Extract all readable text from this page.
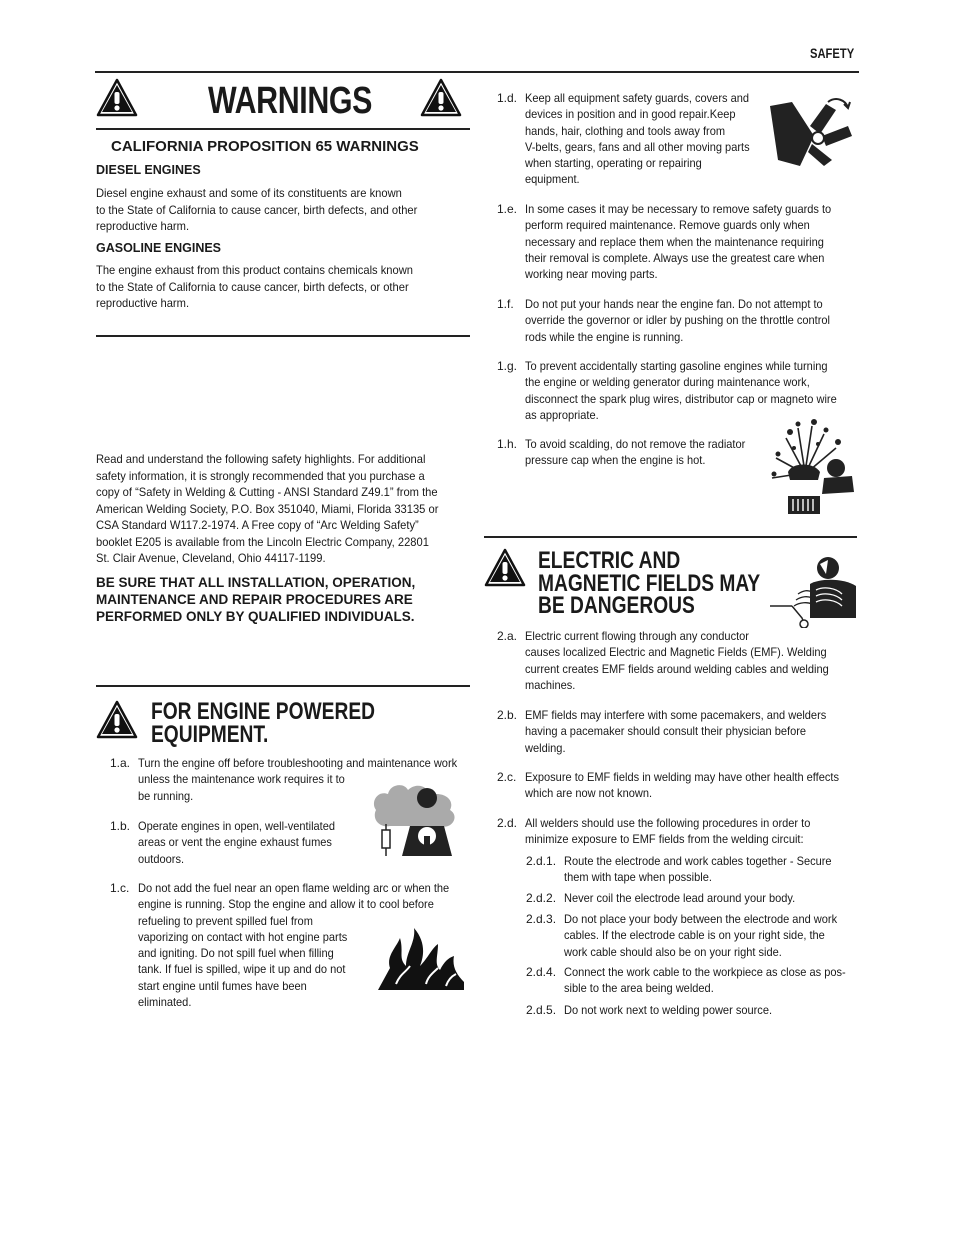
SAFETY
WARNINGS
CALIFORNIA PROPOSITION 65 WARNINGS
DIESEL ENGINES
Diesel engine exhaust and some of its constituents are known
to the State of California to cause cancer, birth defects, and other
reproductive harm.
GASOLINE ENGINES
The engine exhaust from this product contains chemicals known
to the State of California to cause cancer, birth defects, or other
reproductive harm.
Read and understand the following safety highlights. For additional
safety information, it is strongly recommended that you purchase a
copy of “Safety in Welding & Cutting - ANSI Standard Z49.1” from the
American Welding Society, P.O. Box 351040, Miami, Florida 33135 or
CSA Standard W117.2-1974. A Free copy of “Arc Welding Safety”
booklet E205 is available from the Lincoln Electric Company, 22801
St. Clair Avenue, Cleveland, Ohio 44117-1199.
BE SURE THAT ALL INSTALLATION, OPERATION,
MAINTENANCE AND REPAIR PROCEDURES ARE
PERFORMED ONLY BY QUALIFIED INDIVIDUALS.
FOR ENGINE POWERED
EQUIPMENT.
1.a. Turn the engine off before troubleshooting and maintenance work
unless the maintenance work requires it to
be running.
1.b. Operate engines in open, well-ventilated
areas or vent the engine exhaust fumes
outdoors.
1.c. Do not add the fuel near an open flame welding arc or when the
engine is running. Stop the engine and allow it to cool before
refueling to prevent spilled fuel from
vaporizing on contact with hot engine parts
and igniting. Do not spill fuel when filling
tank. If fuel is spilled, wipe it up and do not
start engine until fumes have been
eliminated.
1.d. Keep all equipment safety guards, covers and
devices in position and in good repair.Keep
hands, hair, clothing and tools away from
V-belts, gears, fans and all other moving parts
when starting, operating or repairing
equipment.
1.e. In some cases it may be necessary to remove safety guards to
perform required maintenance. Remove guards only when
necessary and replace them when the maintenance requiring
their removal is complete. Always use the greatest care when
working near moving parts.
1.f. Do not put your hands near the engine fan. Do not attempt to
override the governor or idler by pushing on the throttle control
rods while the engine is running.
1.g. To prevent accidentally starting gasoline engines while turning
the engine or welding generator during maintenance work,
disconnect the spark plug wires, distributor cap or magneto wire
as appropriate.
1.h. To avoid scalding, do not remove the radiator
pressure cap when the engine is hot.
ELECTRIC AND
MAGNETIC FIELDS MAY
BE DANGEROUS
2.a. Electric current flowing through any conductor
causes localized Electric and Magnetic Fields (EMF). Welding
current creates EMF fields around welding cables and welding
machines.
2.b. EMF fields may interfere with some pacemakers, and welders
having a pacemaker should consult their physician before
welding.
2.c. Exposure to EMF fields in welding may have other health effects
which are now not known.
2.d. All welders should use the following procedures in order to
minimize exposure to EMF fields from the welding circuit:
2.d.1. Route the electrode and work cables together - Secure
them with tape when possible.
2.d.2. Never coil the electrode lead around your body.
2.d.3. Do not place your body between the electrode and work
cables. If the electrode cable is on your right side, the
work cable should also be on your right side.
2.d.4. Connect the work cable to the workpiece as close as pos-
sible to the area being welded.
2.d.5. Do not work next to welding power source.
